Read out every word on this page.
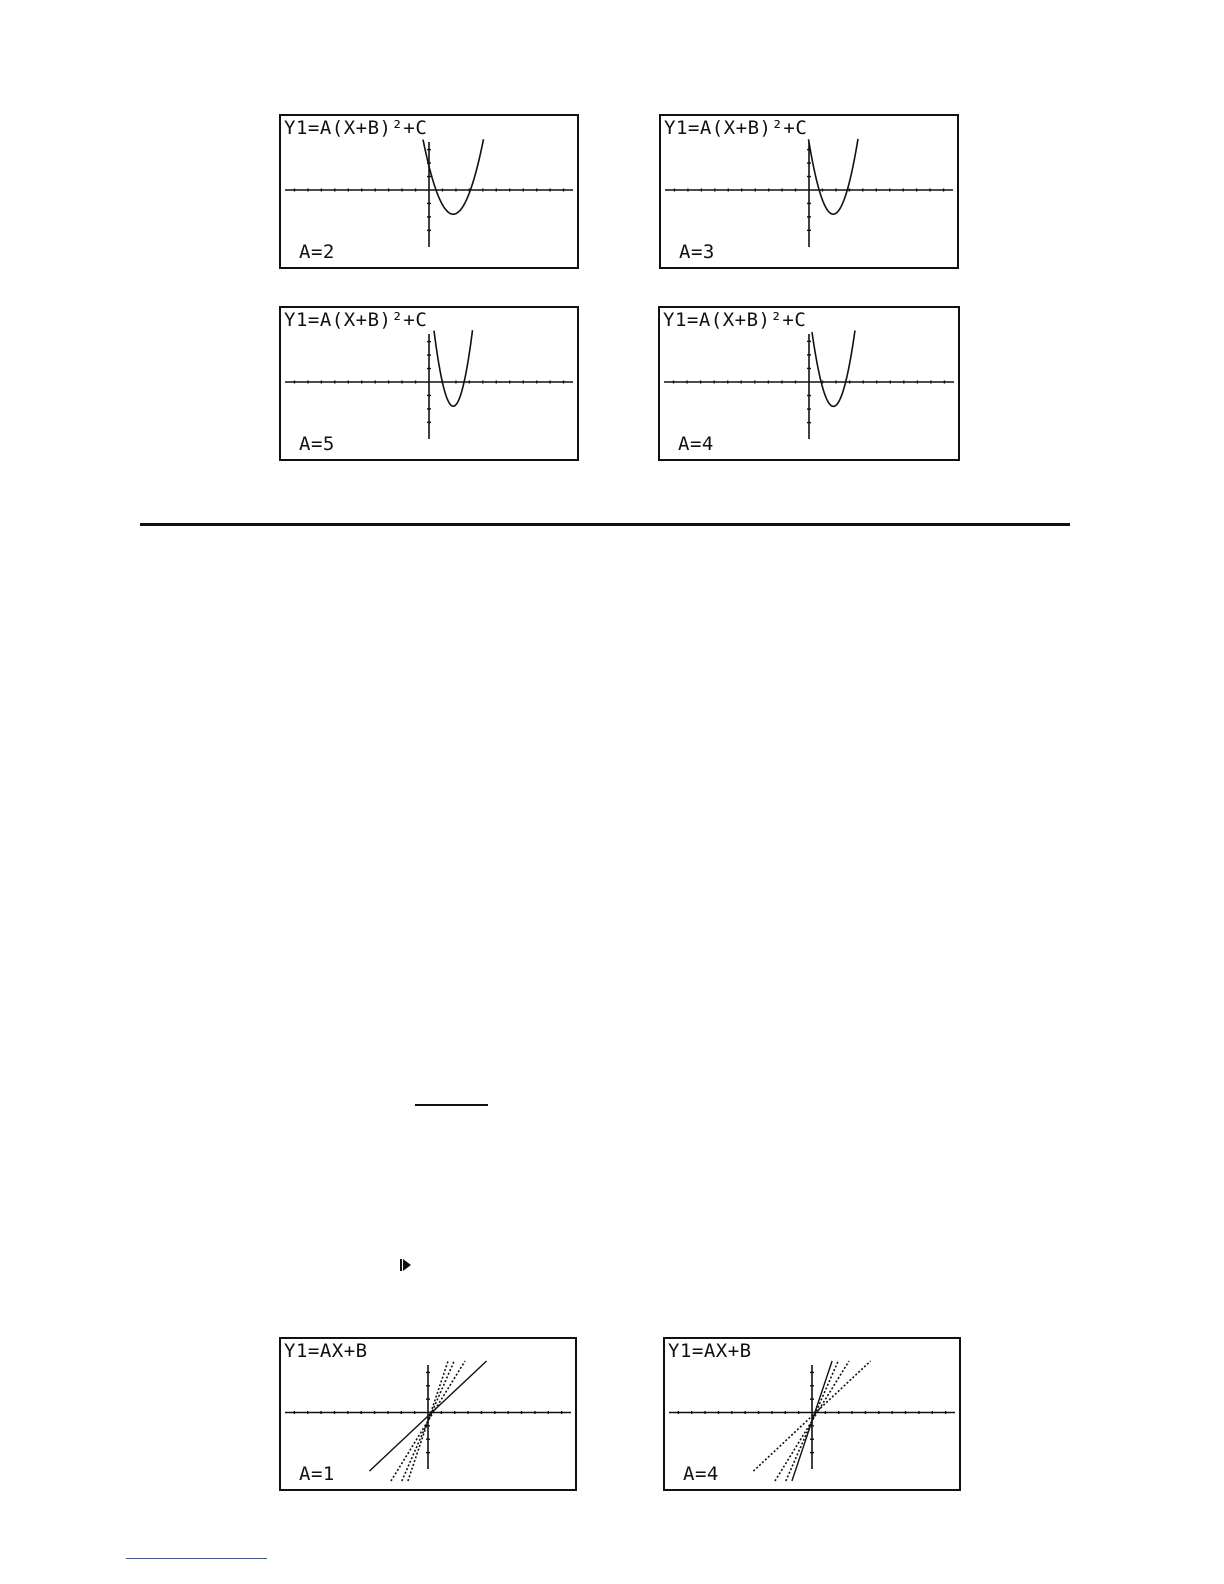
Y1=A(X+B)²+C
A=2
Y1=A(X+B)²+C
A=3
Y1=A(X+B)²+C
A=5
Y1=A(X+B)²+C
A=4
Y1=AX+B
A=1
Y1=AX+B
A=4
